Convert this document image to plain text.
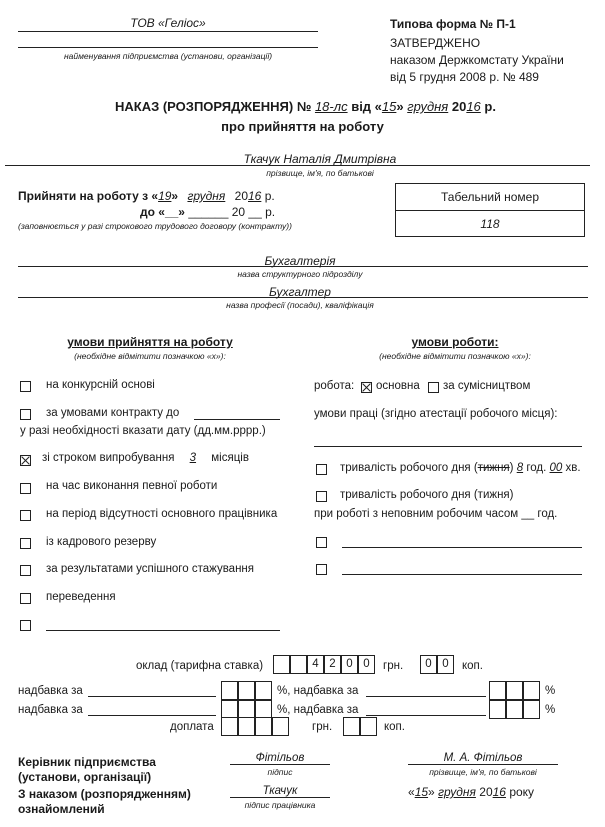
ТОВ «Геліос»
найменування підприємства (установи, організації)
Типова форма № П-1
ЗАТВЕРДЖЕНО
наказом Держкомстату України
від 5 грудня 2008 р. № 489
НАКАЗ (РОЗПОРЯДЖЕННЯ) № 18-лс від «15» грудня 2016 р.
про прийняття на роботу
Ткачук Наталія Дмитрівна
прізвище, ім'я, по батькові
Прийняти на роботу з «19» грудня 2016 р.
до «__» ______ 20 __ р.
(заповнюється у разі строкового трудового договору (контракту))
Табельний номер
118
Бухгалтерія
назва структурного підрозділу
Бухгалтер
назва професії (посади), кваліфікація
умови прийняття на роботу
(необхідне відмітити позначкою «x»):
на конкурсній основі
за умовами контракту до
у разі необхідності вказати дату (дд.мм.рррр.)
зі строком випробування 3 місяців
на час виконання певної роботи
на період відсутності основного працівника
із кадрового резерву
за результатами успішного стажування
переведення
умови роботи:
(необхідне відмітити позначкою «x»):
робота: основна за сумісництвом
умови праці (згідно атестації робочого місця):
тривалість робочого дня (тижня) 8 год. 00 хв.
тривалість робочого дня (тижня)
при роботі з неповним робочим часом __ год.
оклад (тарифна ставка)	4 2 0 0	грн.	0 0	коп.
надбавка за	%, надбавка за	%
надбавка за	%, надбавка за	%
доплата	грн.	коп.
Керівник підприємства
(установи, організації)
Фітільов
підпис
М. А. Фітільов
прізвище, ім'я, по батькові
З наказом (розпорядженням)
ознайомлений
Ткачук
підпис працівника
«15» грудня 2016 року
